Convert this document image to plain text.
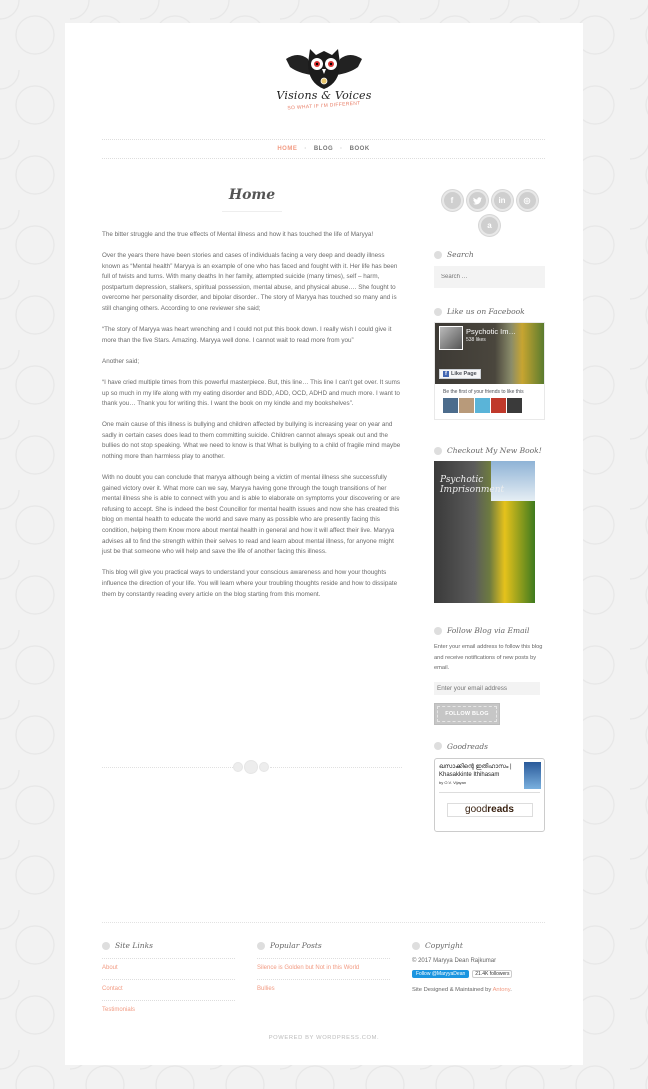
Visions & Voices
SO WHAT IF I'M DIFFERENT
HOME · BLOG · BOOK
Home

The bitter struggle and the true effects of Mental illness and how it has touched the life of Maryya!

Over the years there have been stories and cases of individuals facing a very deep and deadly illness known as “Mental health” Maryya is an example of one who has faced and fought with it. Her life has been full of twists and turns. With many deaths In her family, attempted suicide (many times), self – harm, postpartum depression, stalkers, spiritual possession, mental abuse, and physical abuse…. She fought to overcome her personality disorder, and bipolar disorder.. The story of Maryya has touched so many and is still changing others. According to one reviewer she said;

“The story of Maryya was heart wrenching and I could not put this book down. I really wish I could give it more than the five Stars. Amazing. Maryya well done. I cannot wait to read more from you”

Another said;

“I have cried multiple times from this powerful masterpiece. But, this line… This line I can’t get over. It sums up so much in my life along with my eating disorder and BDD, ADD, OCD, ADHD and much more. I want to thank you… Thank you for writing this. I want the book on my kindle and my bookshelves”.

One main cause of this illness is bullying and children affected by bullying is increasing year on year and sadly in certain cases does lead to them committing suicide. Children cannot always speak out and the bullies do not stop speaking. What we need to know is that What is bullying to a child of fragile mind maybe nothing more than harmless play to another.

With no doubt you can conclude that maryya although being a victim of mental illness she successfully gained victory over it. What more can we say, Maryya having gone through the tough transitions of her mental illness she is able to connect with you and is able to elaborate on symptoms your discovering or are refusing to accept. She is indeed the best Councillor for mental health issues and now she has created this blog on mental health to educate the world and save many as possible who are presently facing this condition, helping them Know more about mental health in general and how it will affect their live. Maryya advises all to find the strength within their selves to read and learn about mental illness, for anyone might just be that someone who will help and save the life of another facing this illness.

This blog will give you practical ways to understand your conscious awareness and how your thoughts influence the direction of your life. You will learn where your troubling thoughts reside and how to dissipate them by constantly reading every article on the blog starting from this moment.

f	in	◎
a
Search
Search …
Like us on Facebook
Psychotic Im…
538 likes
f Like Page
Be the first of your friends to like this
Checkout My New Book!
Psychotic Imprisonment
Follow Blog via Email
Enter your email address to follow this blog and receive notifications of new posts by email.
Enter your email address
FOLLOW BLOG
Goodreads
ഖസാക്കിന്റെ ഇതിഹാസം |
Khasakkinte Ithihasam
by O.V. Vijayan
goodreads
Site Links
About
Contact
Testimonials
Popular Posts
Silence is Golden but Not in this World
Bullies
Copyright
© 2017 Maryya Dean Rajkumar
Follow @MaryyaDean	21.4K followers
Site Designed & Maintained by Antony.
POWERED BY WORDPRESS.COM.
